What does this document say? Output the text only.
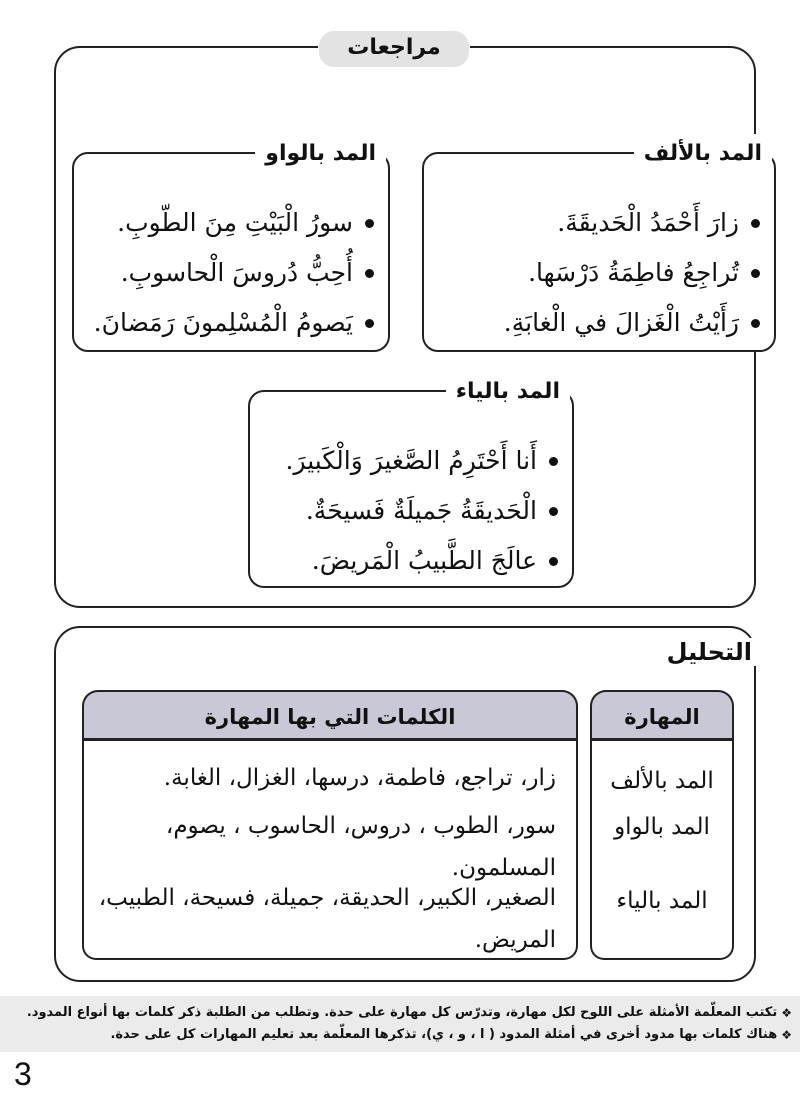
مراجعات
المد بالألف
زارَ أَحْمَدُ الْحَديقَةَ.
تُراجِعُ فاطِمَةُ دَرْسَها.
رَأَيْتُ الْغَزالَ في الْغابَةِ.
المد بالواو
سورُ الْبَيْتِ مِنَ الطّوبِ.
أُحِبُّ دُروسَ الْحاسوبِ.
يَصومُ الْمُسْلِمونَ رَمَضانَ.
المد بالياء
أَنا أَحْتَرِمُ الصَّغيرَ وَالْكَبيرَ.
الْحَديقَةُ جَميلَةٌ فَسيحَةٌ.
عالَجَ الطَّبيبُ الْمَريضَ.
التحليل
المهارة
الكلمات التي بها المهارة
المد بالألف
المد بالواو
المد بالياء
زار، تراجع، فاطمة، درسها، الغزال، الغابة.
سور، الطوب ، دروس، الحاسوب ، يصوم، المسلمون.
الصغير، الكبير، الحديقة، جميلة، فسيحة، الطبيب، المريض.
❖
تكتب المعلّمة الأمثلة على اللوح لكل مهارة، وتدرّس كل مهارة على حدة. وتطلب من الطلبة ذكر كلمات بها أنواع المدود.
❖
هناك كلمات بها مدود أخرى في أمثلة المدود ( ا ، و ، ي)، تذكرها المعلّمة بعد تعليم المهارات كل على حدة.
3
